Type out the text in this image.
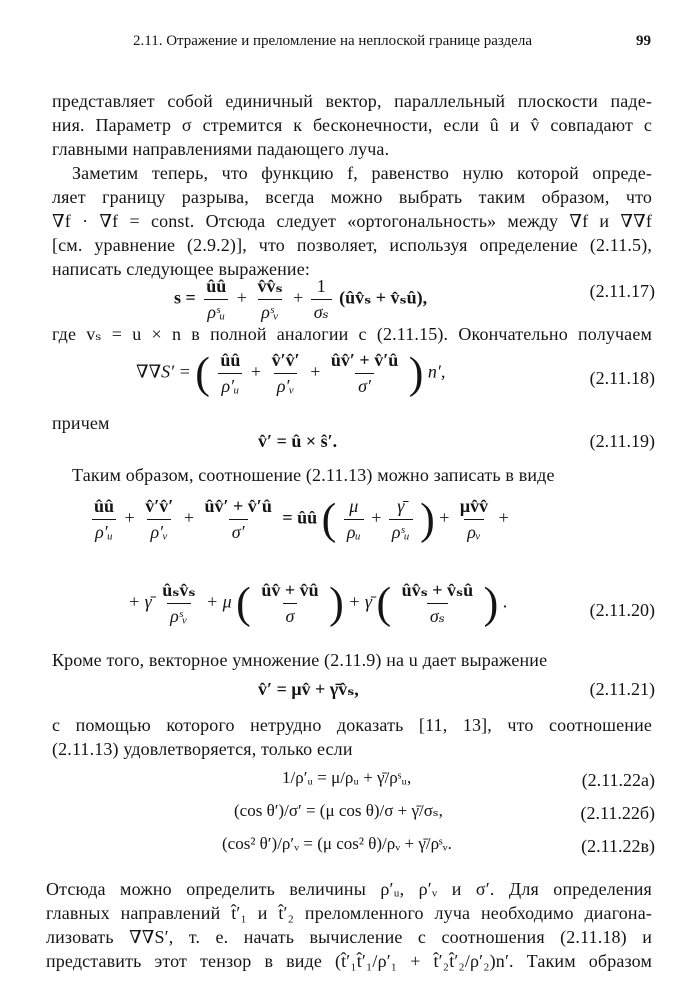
2.11. Отражение и преломление на неплоской границе раздела	99
представляет собой единичный вектор, параллельный плоскости паде-
ния. Параметр σ стремится к бесконечности, если û и v̂ совпадают с
главными направлениями падающего луча.
Заметим теперь, что функцию f, равенство нулю которой опреде-
ляет границу разрыва, всегда можно выбрать таким образом, что
∇f · ∇f = const. Отсюда следует «ортогональность» между ∇f и ∇∇f
[см. уравнение (2.9.2)], что позволяет, используя определение (2.11.5),
написать следующее выражение:
$s = \frac{ûû}{\text{ρˢᵤ}} + \frac{\text{v̂v̂ₛ}}{\text{ρˢᵥ}} + \frac{1}{\text{σₛ}}$ (ûv̂ₛ + v̂ₛû),	(2.11.17)
где vₛ = u × n в полной аналогии с (2.11.15). Окончательно получаем
∇∇S′ = ( $\frac{ûû}{\text{ρ′ᵤ}} + \frac{v̂'v̂'}{\text{ρ′ᵥ}} + \frac{ûv̂' + v̂'û}{\sigma'}$ ) n′,	(2.11.18)
причем
v̂′ = û × ŝ′.	(2.11.19)
Таким образом, соотношение (2.11.13) можно записать в виде
$\frac{ûû}{\text{ρ′ᵤ}} + \frac{v̂'v̂'}{\text{ρ′ᵥ}} + \frac{ûv̂' + v̂'û}{\sigma'}$ = ûû ( $\frac{\mu}{\text{ρᵤ}} + \frac{\gammā}{\text{ρˢᵤ}}$ ) + $\frac{\mu v̂v̂}{\text{ρᵥ}}$ +
+ γ̄ $\frac{\text{ûₛv̂ₛ}}{\text{ρˢᵥ}} + \mu$ ( $\frac{ûv̂ + v̂û}{\sigma}$ ) + γ̄ ( $\frac{\text{ûv̂ₛ + v̂ₛû}}{\text{σₛ}}$ ) .	(2.11.20)
Кроме того, векторное умножение (2.11.9) на u дает выражение
v̂′ = μv̂ + γ̄v̂ₛ,	(2.11.21)
с помощью которого нетрудно доказать [11, 13], что соотношение
(2.11.13) удовлетворяется, только если
1/ρ′ᵤ = μ/ρᵤ + γ̄/ρˢᵤ,	(2.11.22а)
(cos θ′)/σ′ = (μ cos θ)/σ + γ̄/σₛ,	(2.11.22б)
(cos² θ′)/ρ′ᵥ = (μ cos² θ)/ρᵥ + γ̄/ρˢᵥ.	(2.11.22в)
Отсюда можно определить величины ρ′ᵤ, ρ′ᵥ и σ′. Для определения
главных направлений t̂′₁ и t̂′₂ преломленного луча необходимо диагона-
лизовать ∇∇S′, т. е. начать вычисление с соотношения (2.11.18) и
представить этот тензор в виде (t̂′₁t̂′₁/ρ′₁ + t̂′₂t̂′₂/ρ′₂)n′. Таким образом
